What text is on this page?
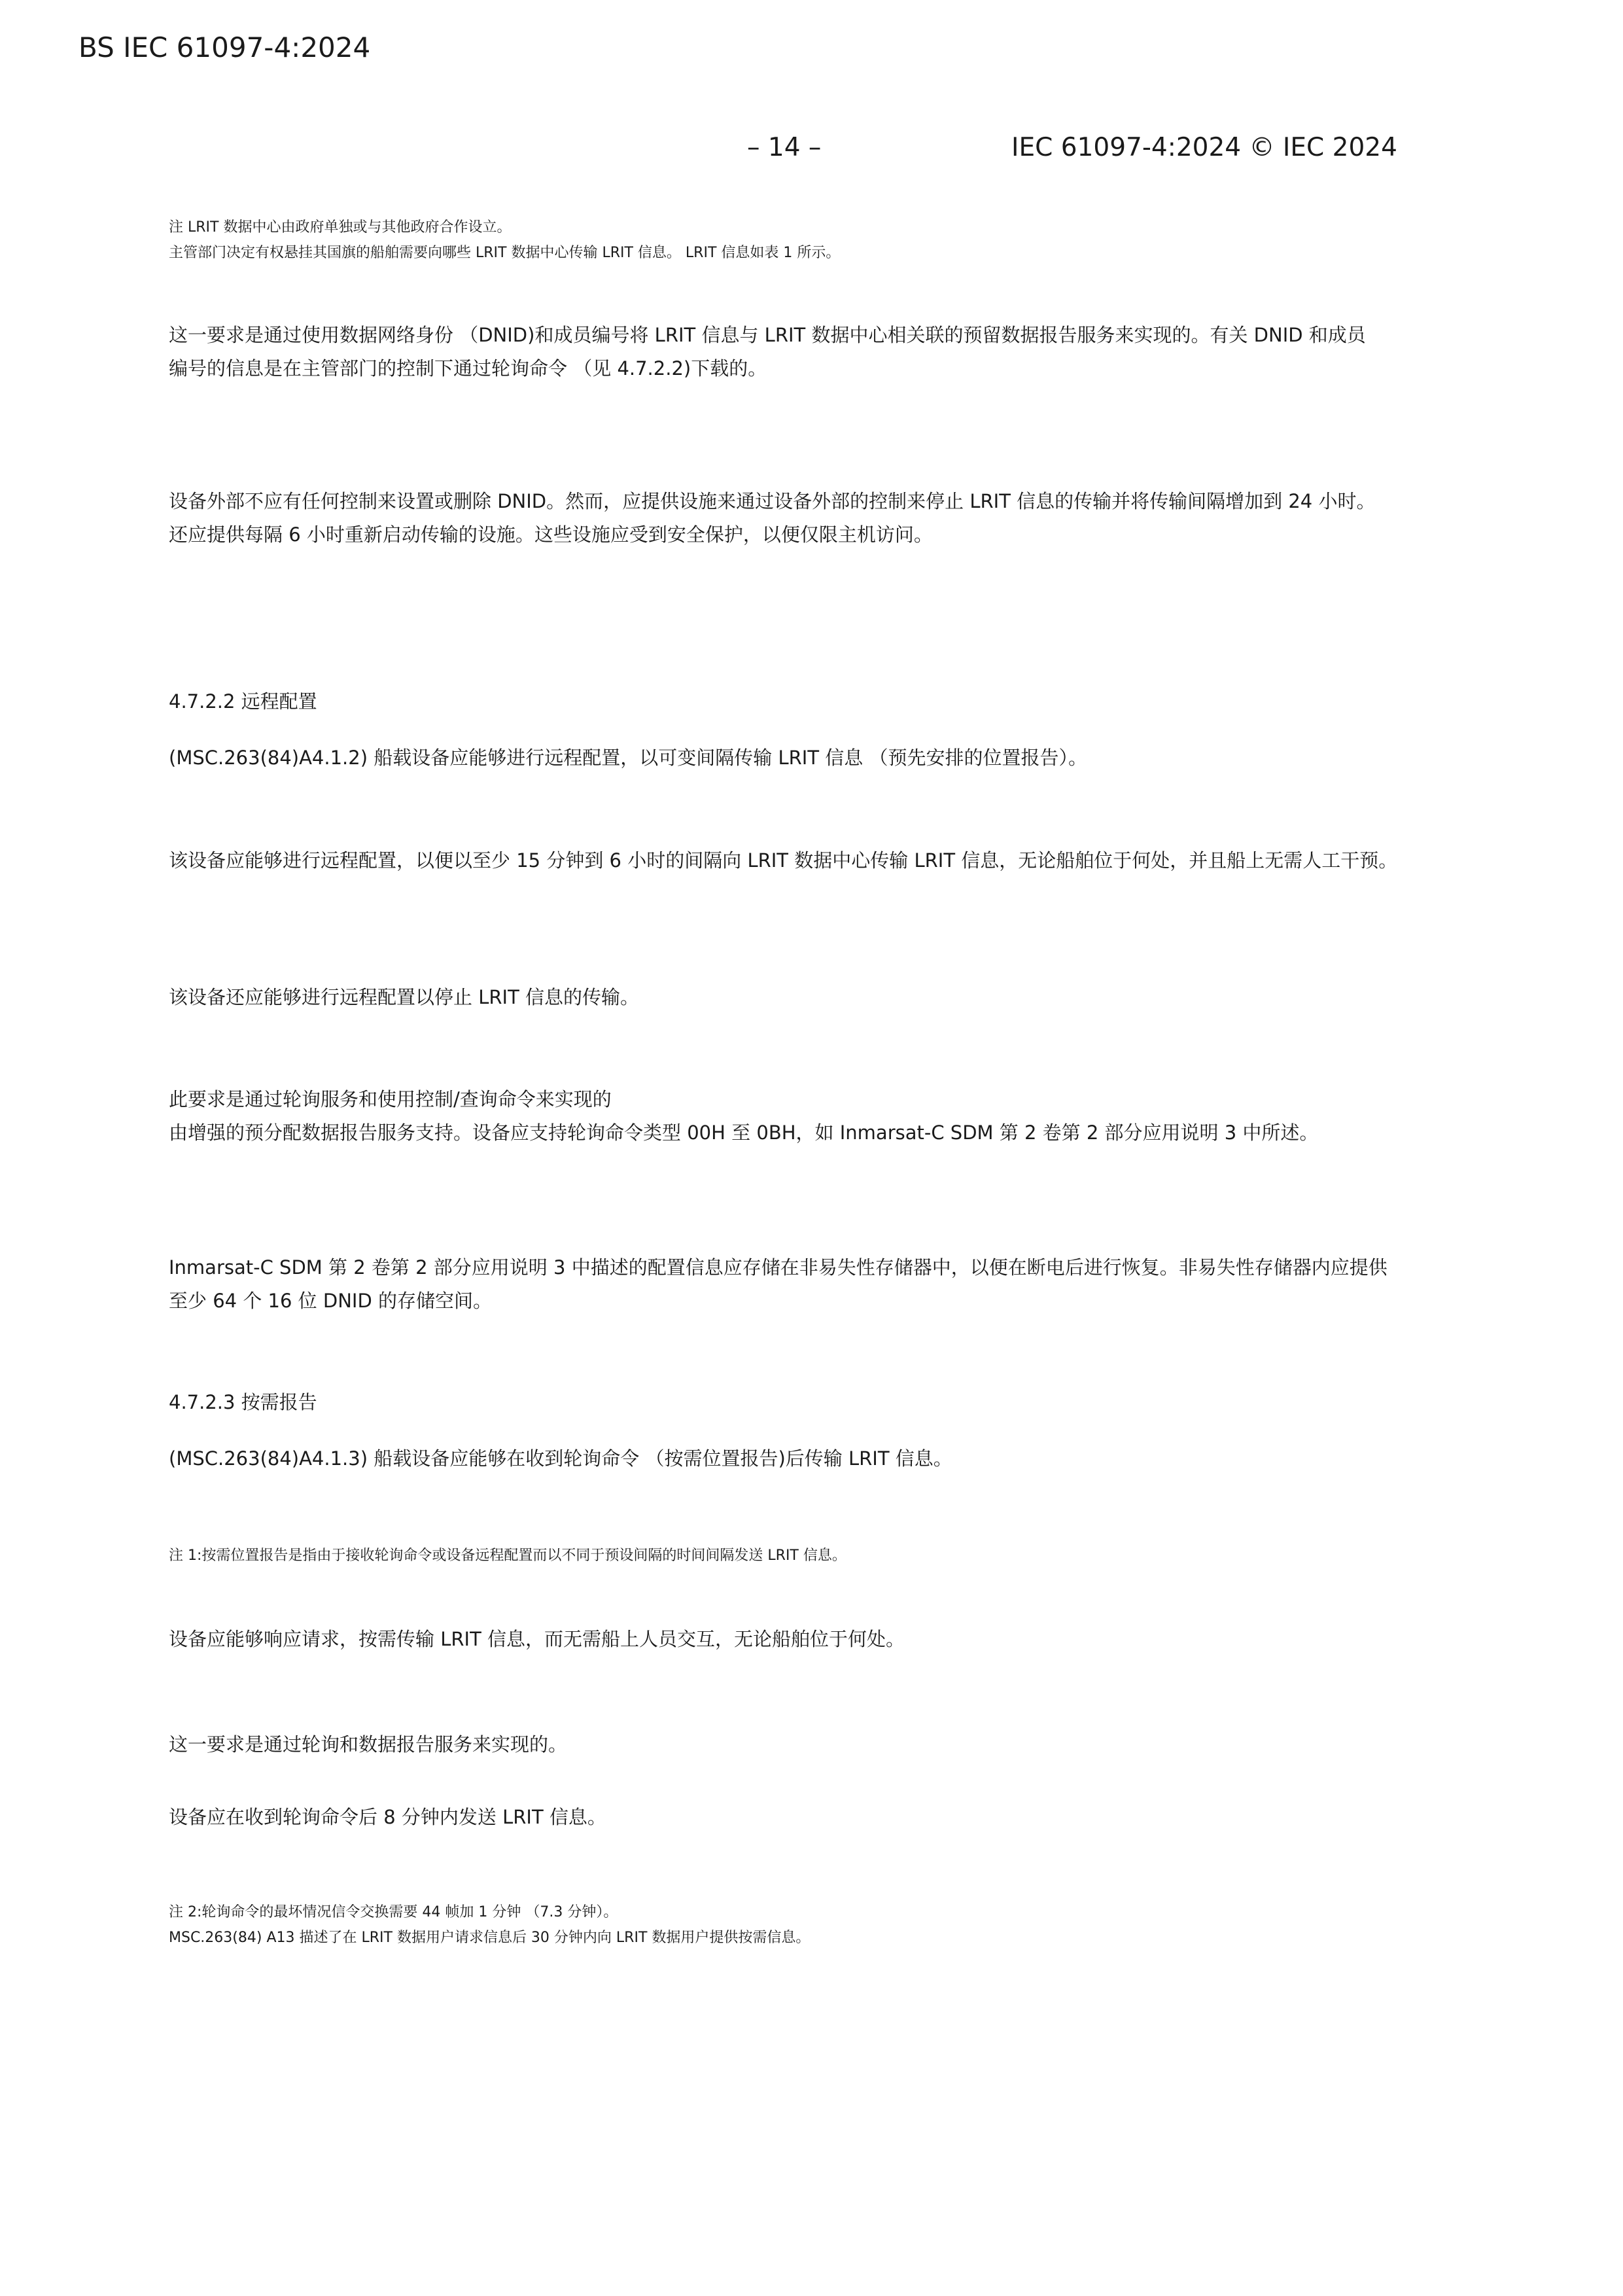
BS IEC 61097-4:2024
– 14 –	IEC 61097-4:2024 © IEC 2024
注 LRIT 数据中心由政府单独或与其他政府合作设立。
主管部门决定有权悬挂其国旗的船舶需要向哪些 LRIT 数据中心传输 LRIT 信息。 LRIT 信息如表 1 所示。
这一要求是通过使用数据网络身份 （DNID)和成员编号将 LRIT 信息与 LRIT 数据中心相关联的预留数据报告服务来实现的。有关 DNID 和成员
编号的信息是在主管部门的控制下通过轮询命令 （见 4.7.2.2)下载的。
设备外部不应有任何控制来设置或删除 DNID。然而，应提供设施来通过设备外部的控制来停止 LRIT 信息的传输并将传输间隔增加到 24 小时。
还应提供每隔 6 小时重新启动传输的设施。这些设施应受到安全保护，以便仅限主机访问。
4.7.2.2 远程配置
(MSC.263(84)A4.1.2) 船载设备应能够进行远程配置，以可变间隔传输 LRIT 信息 （预先安排的位置报告）。
该设备应能够进行远程配置，以便以至少 15 分钟到 6 小时的间隔向 LRIT 数据中心传输 LRIT 信息，无论船舶位于何处，并且船上无需人工干预。
该设备还应能够进行远程配置以停止 LRIT 信息的传输。
此要求是通过轮询服务和使用控制/查询命令来实现的
由增强的预分配数据报告服务支持。设备应支持轮询命令类型 00H 至 0BH，如 Inmarsat-C SDM 第 2 卷第 2 部分应用说明 3 中所述。
Inmarsat-C SDM 第 2 卷第 2 部分应用说明 3 中描述的配置信息应存储在非易失性存储器中，以便在断电后进行恢复。非易失性存储器内应提供
至少 64 个 16 位 DNID 的存储空间。
4.7.2.3 按需报告
(MSC.263(84)A4.1.3) 船载设备应能够在收到轮询命令 （按需位置报告)后传输 LRIT 信息。
注 1:按需位置报告是指由于接收轮询命令或设备远程配置而以不同于预设间隔的时间间隔发送 LRIT 信息。
设备应能够响应请求，按需传输 LRIT 信息，而无需船上人员交互，无论船舶位于何处。
这一要求是通过轮询和数据报告服务来实现的。
设备应在收到轮询命令后 8 分钟内发送 LRIT 信息。
注 2:轮询命令的最坏情况信令交换需要 44 帧加 1 分钟 （7.3 分钟）。
MSC.263(84) A13 描述了在 LRIT 数据用户请求信息后 30 分钟内向 LRIT 数据用户提供按需信息。
